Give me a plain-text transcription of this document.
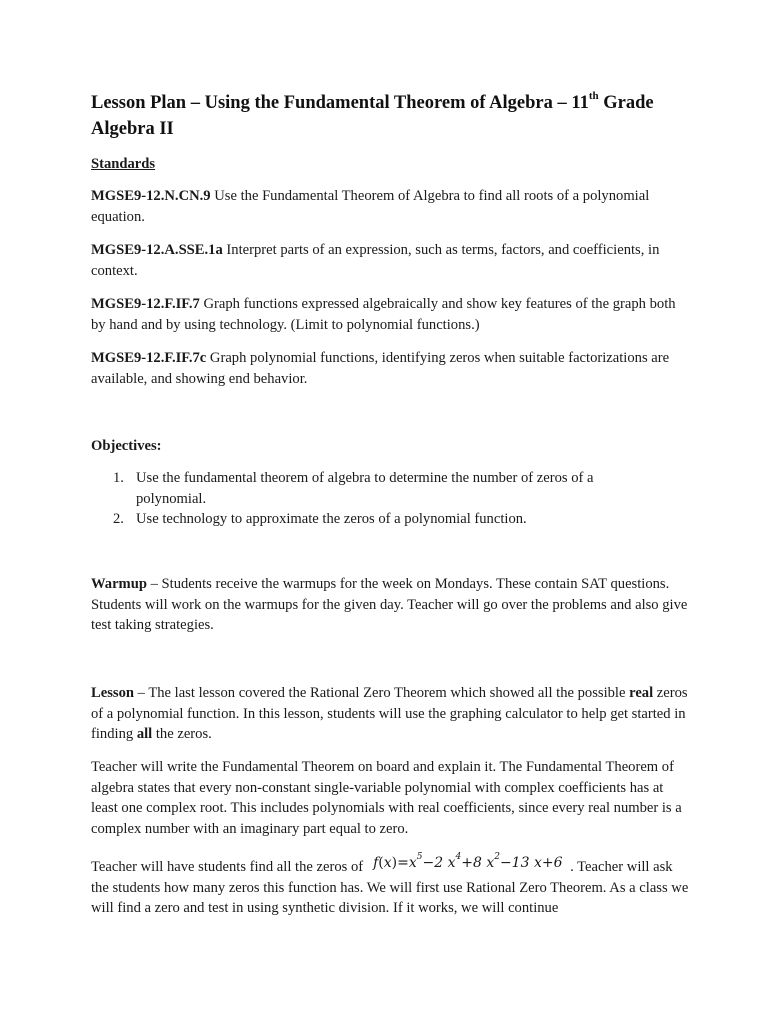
Lesson Plan – Using the Fundamental Theorem of Algebra – 11th Grade
Algebra II

Standards

MGSE9-12.N.CN.9 Use the Fundamental Theorem of Algebra to find all roots of a polynomial equation.

MGSE9-12.A.SSE.1a Interpret parts of an expression, such as terms, factors, and coefficients, in context.

MGSE9-12.F.IF.7 Graph functions expressed algebraically and show key features of the graph both by hand and by using technology. (Limit to polynomial functions.)

MGSE9-12.F.IF.7c Graph polynomial functions, identifying zeros when suitable factorizations are available, and showing end behavior.

Objectives:

1. Use the fundamental theorem of algebra to determine the number of zeros of a polynomial.
2. Use technology to approximate the zeros of a polynomial function.

Warmup – Students receive the warmups for the week on Mondays. These contain SAT questions. Students will work on the warmups for the given day. Teacher will go over the problems and also give test taking strategies.

Lesson – The last lesson covered the Rational Zero Theorem which showed all the possible real zeros of a polynomial function. In this lesson, students will use the graphing calculator to help get started in finding all the zeros.

Teacher will write the Fundamental Theorem on board and explain it. The Fundamental Theorem of algebra states that every non-constant single-variable polynomial with complex coefficients has at least one complex root. This includes polynomials with real coefficients, since every real number is a complex number with an imaginary part equal to zero.

Teacher will have students find all the zeros of $f(x)=x^5-2$ $x^4+8$ $x^2-13$ x+6 . Teacher will ask the students how many zeros this function has. We will first use Rational Zero Theorem. As a class we will find a zero and test in using synthetic division. If it works, we will continue
